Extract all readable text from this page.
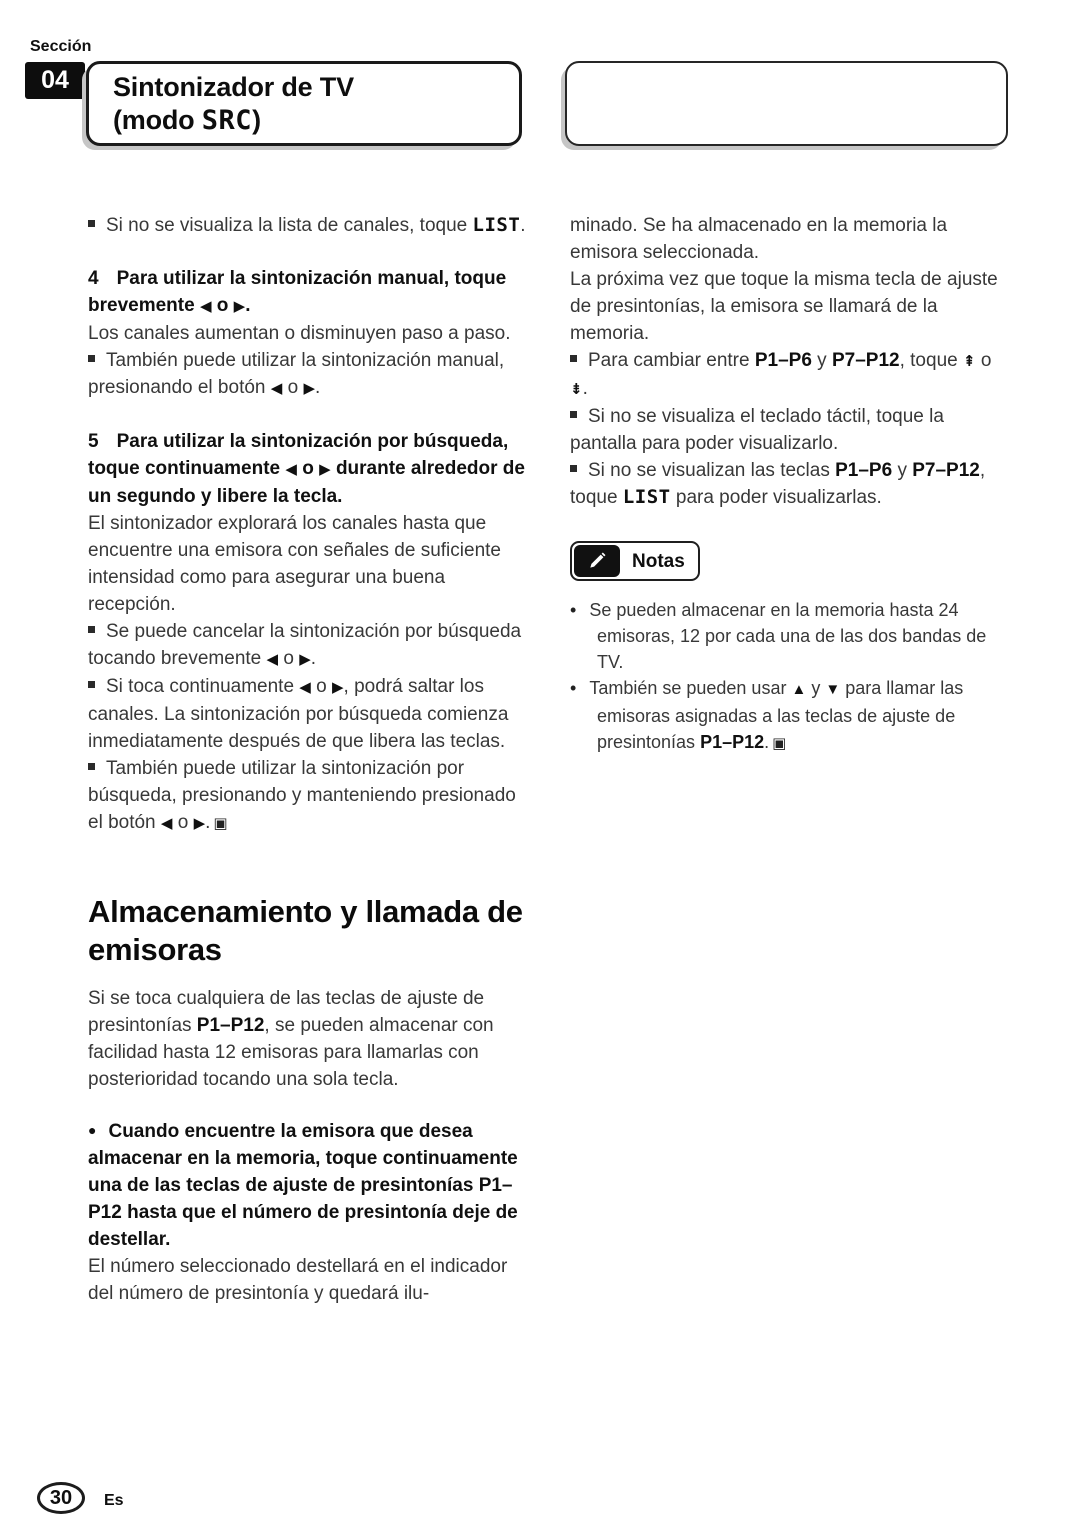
Sección
04	Sintonizador de TV
(modo SRC)

Si no se visualiza la lista de canales, toque LIST.

4 Para utilizar la sintonización manual, toque brevemente ◀ o ▶.

Los canales aumentan o disminuyen paso a paso.

También puede utilizar la sintonización manual, presionando el botón ◀ o ▶.

5 Para utilizar la sintonización por búsqueda, toque continuamente ◀ o ▶ durante alrededor de un segundo y libere la tecla.

El sintonizador explorará los canales hasta que encuentre una emisora con señales de suficiente intensidad como para asegurar una buena recepción.

Se puede cancelar la sintonización por búsqueda tocando brevemente ◀ o ▶.

Si toca continuamente ◀ o ▶, podrá saltar los canales. La sintonización por búsqueda comienza inmediatamente después de que libera las teclas.

También puede utilizar la sintonización por búsqueda, presionando y manteniendo presionado el botón ◀ o ▶. ▣

Almacenamiento y llamada de emisoras

Si se toca cualquiera de las teclas de ajuste de presintonías P1–P12, se pueden almacenar con facilidad hasta 12 emisoras para llamarlas con posterioridad tocando una sola tecla.

● Cuando encuentre la emisora que desea almacenar en la memoria, toque continuamente una de las teclas de ajuste de presintonías P1–P12 hasta que el número de presintonía deje de destellar.

El número seleccionado destellará en el indicador del número de presintonía y quedará ilu-

minado. Se ha almacenado en la memoria la emisora seleccionada.

La próxima vez que toque la misma tecla de ajuste de presintonías, la emisora se llamará de la memoria.

Para cambiar entre P1–P6 y P7–P12, toque ⇞ o ⇟.

Si no se visualiza el teclado táctil, toque la pantalla para poder visualizarlo.

Si no se visualizan las teclas P1–P6 y P7–P12, toque LIST para poder visualizarlas.

Notas

• Se pueden almacenar en la memoria hasta 24 emisoras, 12 por cada una de las dos bandas de TV.

• También se pueden usar ▲ y ▼ para llamar las emisoras asignadas a las teclas de ajuste de presintonías P1–P12. ▣

30	Es
